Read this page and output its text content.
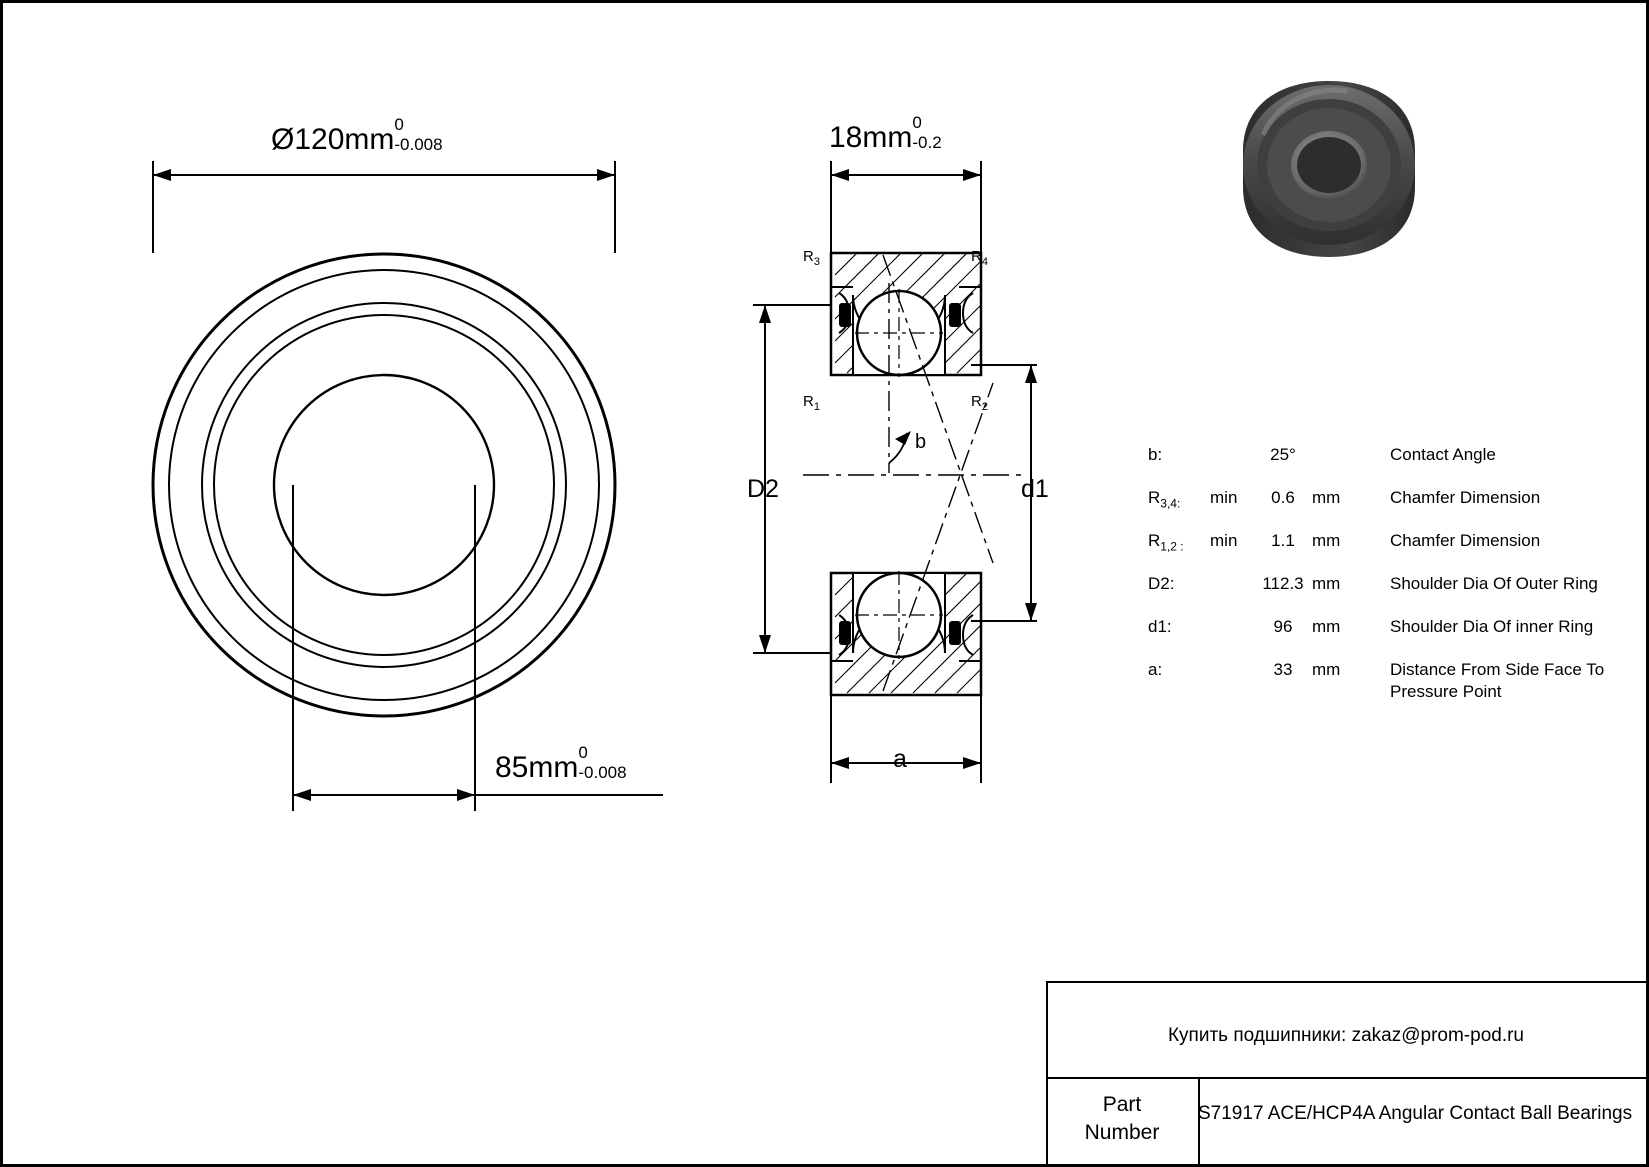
Ø120mm 0
-0.008
85mm 0
-0.008
18mm 0
-0.2
$R_3$	$R_4$
$R_1$	$R_2$
D2	d1
a
b
b:		25°		Contact Angle
$R_{3,4:}$	min	0.6	mm	Chamfer Dimension
$R_{1,2 :}$	min	1.1	mm	Chamfer Dimension
D2:		112.3	mm	Shoulder Dia Of Outer Ring
d1:		96	mm	Shoulder Dia Of inner Ring
a:		33	mm	Distance From Side Face To Pressure Point
Купить подшипники: zakaz@prom-pod.ru
Part
Number
S71917 ACE/HCP4A Angular Contact Ball Bearings
